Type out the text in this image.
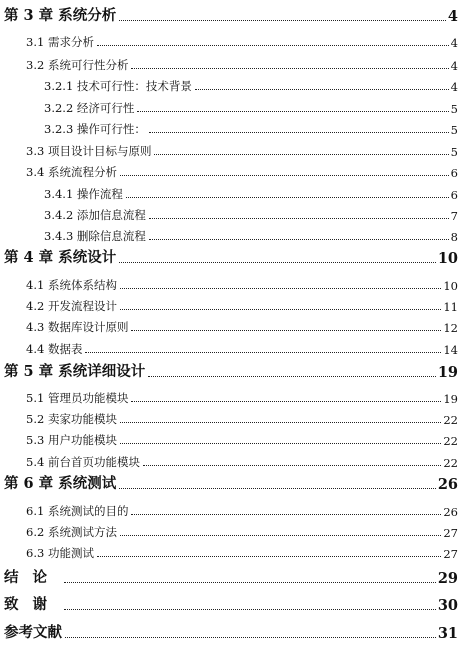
第 3 章 系统分析	4
3.1 需求分析	4
3.2 系统可行性分析	4
3.2.1 技术可行性：技术背景	4
3.2.2 经济可行性	5
3.2.3 操作可行性：	5
3.3 项目设计目标与原则	5
3.4 系统流程分析	6
3.4.1 操作流程	6
3.4.2 添加信息流程	7
3.4.3 删除信息流程	8
第 4 章 系统设计	10
4.1 系统体系结构	10
4.2 开发流程设计	11
4.3 数据库设计原则	12
4.4 数据表	14
第 5 章 系统详细设计	19
5.1 管理员功能模块	19
5.2 卖家功能模块	22
5.3 用户功能模块	22
5.4 前台首页功能模块	22
第 6 章 系统测试	26
6.1 系统测试的目的	26
6.2 系统测试方法	27
6.3 功能测试	27
结论	29
致谢	30
参考文献	31
